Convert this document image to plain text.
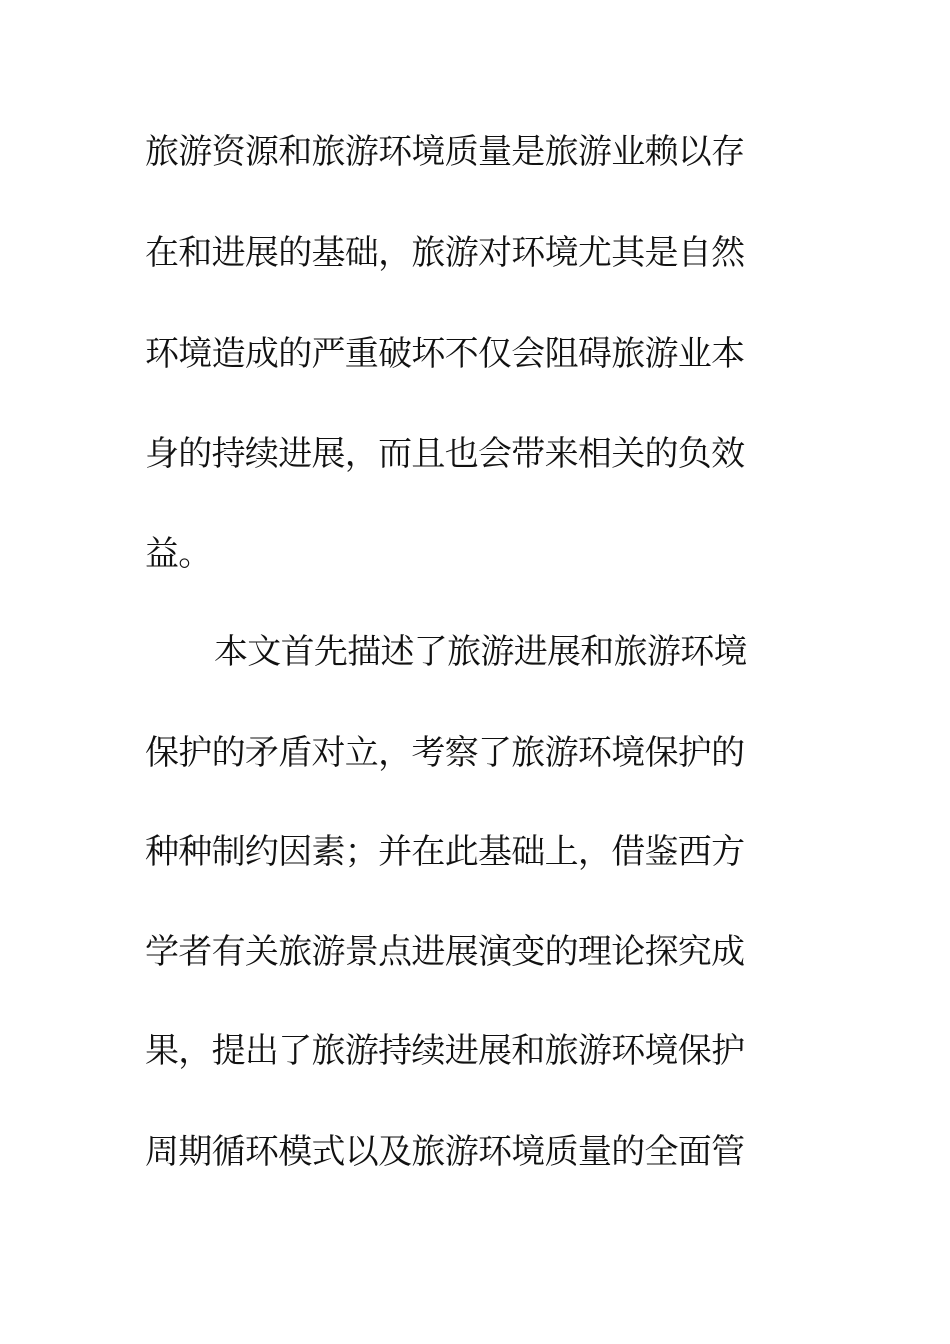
旅游资源和旅游环境质量是旅游业赖以存
在和进展的基础，旅游对环境尤其是自然
环境造成的严重破坏不仅会阻碍旅游业本
身的持续进展，而且也会带来相关的负效
益。
本文首先描述了旅游进展和旅游环境
保护的矛盾对立，考察了旅游环境保护的
种种制约因素；并在此基础上，借鉴西方
学者有关旅游景点进展演变的理论探究成
果，提出了旅游持续进展和旅游环境保护
周期循环模式以及旅游环境质量的全面管
